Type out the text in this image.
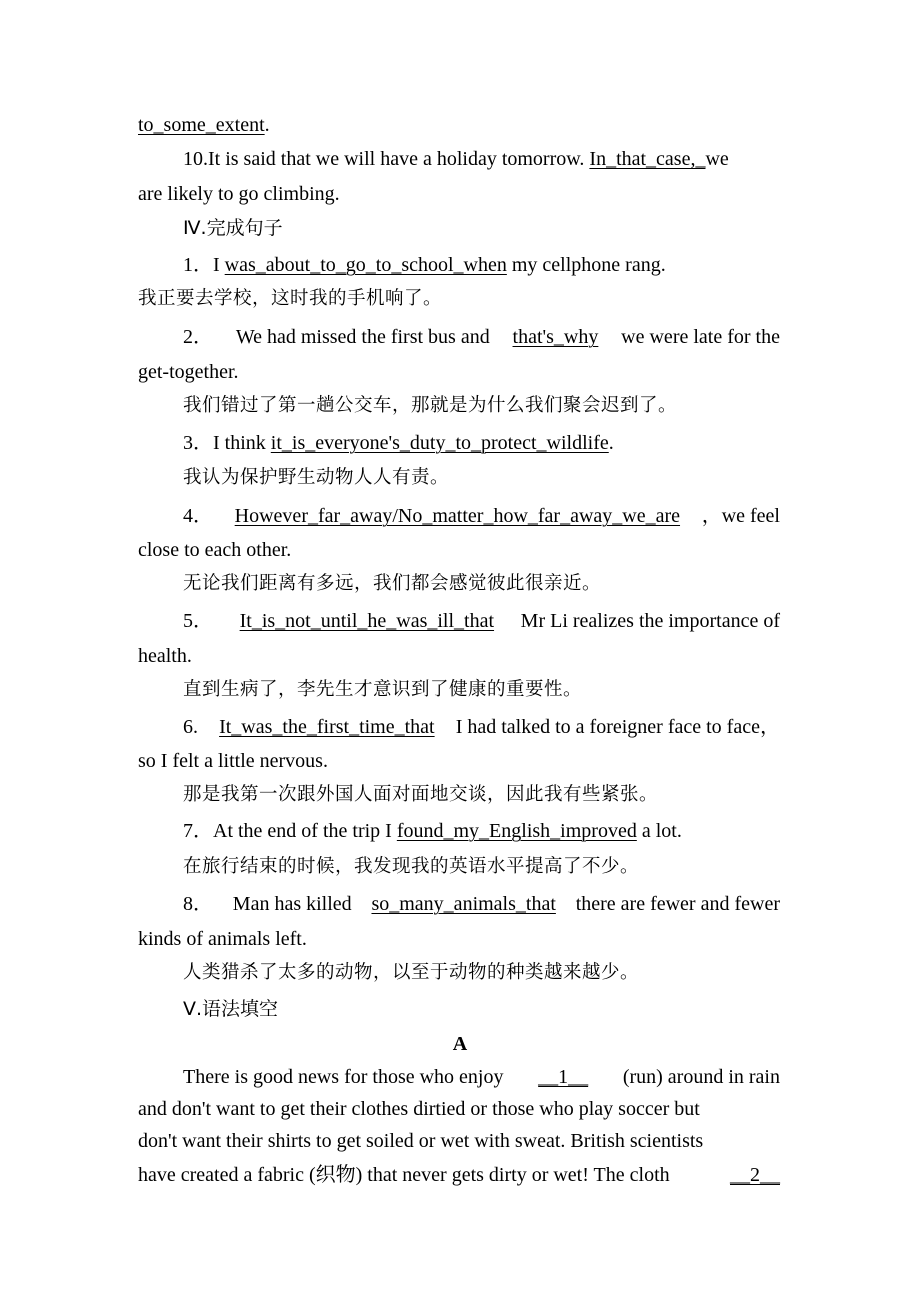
to_some_extent.
10.It is said that we will have a holiday tomorrow. In_that_case,_we
are likely to go climbing.
Ⅳ.完成句子
1．I was_about_to_go_to_school_when my cellphone rang.
我正要去学校，这时我的手机响了。
2． We had missed the first bus and that's_why we were late for the
get-together.
我们错过了第一趟公交车，那就是为什么我们聚会迟到了。
3．I think it_is_everyone's_duty_to_protect_wildlife.
我认为保护野生动物人人有责。
4． However_far_away/No_matter_how_far_away_we_are ，we feel
close to each other.
无论我们距离有多远，我们都会感觉彼此很亲近。
5． It_is_not_until_he_was_ill_that Mr Li realizes the importance of
health.
直到生病了，李先生才意识到了健康的重要性。
6. It_was_the_first_time_that I had talked to a foreigner face to face，
so I felt a little nervous.
那是我第一次跟外国人面对面地交谈，因此我有些紧张。
7．At the end of the trip I found_my_English_improved a lot.
在旅行结束的时候，我发现我的英语水平提高了不少。
8． Man has killed so_many_animals_that there are fewer and fewer
kinds of animals left.
人类猎杀了太多的动物，以至于动物的种类越来越少。
Ⅴ.语法填空
A
There is good news for those who enjoy __1__ (run) around in rain
and don't want to get their clothes dirtied or those who play soccer but
don't want their shirts to get soiled or wet with sweat. British scientists
have created a fabric (织物) that never gets dirty or wet! The cloth	__2__
